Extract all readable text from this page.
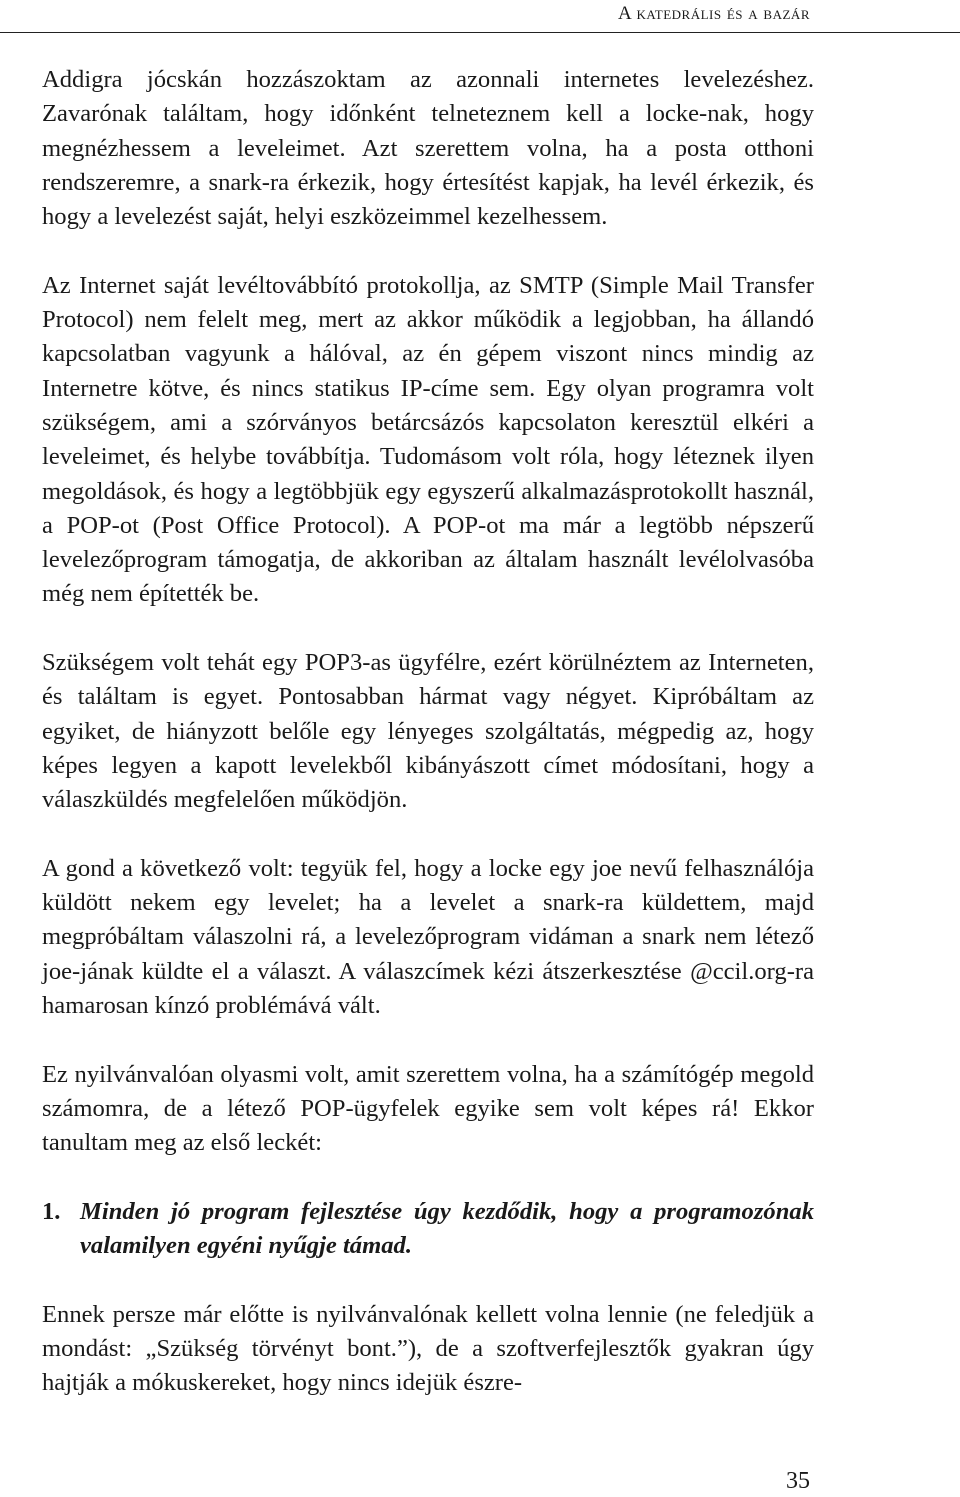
A katedrális és a bazár

Addigra jócskán hozzászoktam az azonnali internetes levelezéshez. Zavarónak találtam, hogy időnként telneteznem kell a locke-nak, hogy megnézhessem a leveleimet. Azt szerettem volna, ha a posta otthoni rendszeremre, a snark-ra érkezik, hogy értesítést kapjak, ha levél érkezik, és hogy a levelezést saját, helyi eszközeimmel kezelhessem.

Az Internet saját levéltovábbító protokollja, az SMTP (Simple Mail Transfer Protocol) nem felelt meg, mert az akkor működik a legjobban, ha állandó kapcsolatban vagyunk a hálóval, az én gépem viszont nincs mindig az Internetre kötve, és nincs statikus IP-címe sem. Egy olyan programra volt szükségem, ami a szórványos betárcsázós kapcsolaton keresztül elkéri a leveleimet, és helybe továbbítja. Tudomásom volt róla, hogy léteznek ilyen megoldások, és hogy a legtöbbjük egy egyszerű alkalmazásprotokollt használ, a POP-ot (Post Office Protocol). A POP-ot ma már a legtöbb népszerű levelezőprogram támogatja, de akkoriban az általam használt levélolvasóba még nem építették be.

Szükségem volt tehát egy POP3-as ügyfélre, ezért körülnéztem az Interneten, és találtam is egyet. Pontosabban hármat vagy négyet. Kipróbáltam az egyiket, de hiányzott belőle egy lényeges szolgáltatás, mégpedig az, hogy képes legyen a kapott levelekből kibányászott címet módosítani, hogy a válaszküldés megfelelően működjön.

A gond a következő volt: tegyük fel, hogy a locke egy joe nevű felhasználója küldött nekem egy levelet; ha a levelet a snark-ra küldettem, majd megpróbáltam válaszolni rá, a levelezőprogram vidáman a snark nem létező joe-jának küldte el a választ. A válaszcímek kézi átszerkesztése @ccil.org-ra hamarosan kínzó problémává vált.

Ez nyilvánvalóan olyasmi volt, amit szerettem volna, ha a számítógép megold számomra, de a létező POP-ügyfelek egyike sem volt képes rá! Ekkor tanultam meg az első leckét:

1. Minden jó program fejlesztése úgy kezdődik, hogy a programozónak valamilyen egyéni nyűgje támad.

Ennek persze már előtte is nyilvánvalónak kellett volna lennie (ne feledjük a mondást: „Szükség törvényt bont.”), de a szoftverfejlesztők gyakran úgy hajtják a mókuskereket, hogy nincs idejük észre-

35
